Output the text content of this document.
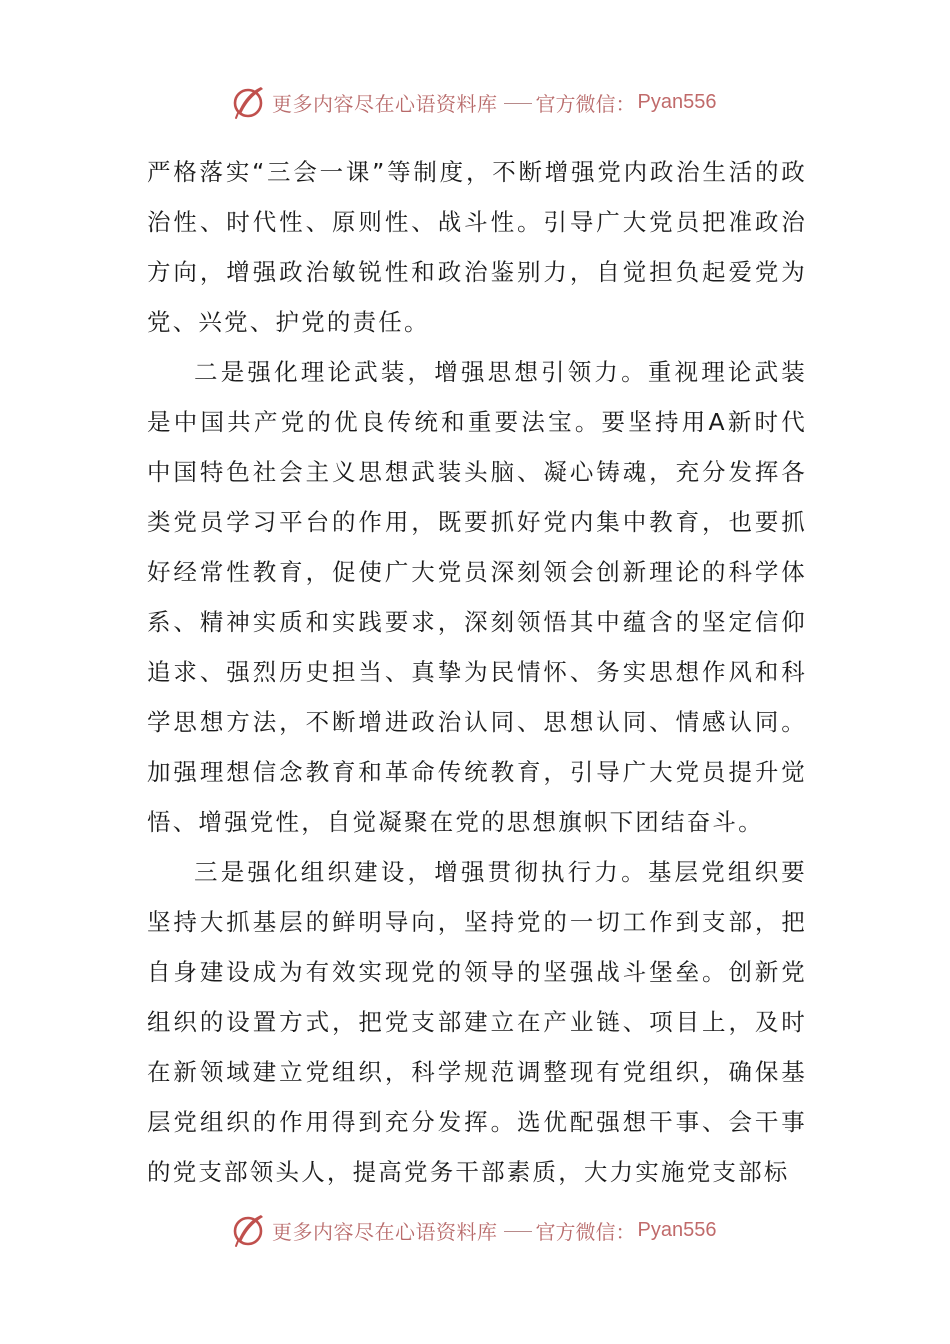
更多内容尽在心语资料库 官方微信： Pyan556

严格落实“三会一课”等制度，不断增强党内政治生活的政治性、时代性、原则性、战斗性。引导广大党员把准政治方向，增强政治敏锐性和政治鉴别力，自觉担负起爱党为党、兴党、护党的责任。

二是强化理论武装，增强思想引领力。重视理论武装是中国共产党的优良传统和重要法宝。要坚持用A新时代中国特色社会主义思想武装头脑、凝心铸魂，充分发挥各类党员学习平台的作用，既要抓好党内集中教育，也要抓好经常性教育，促使广大党员深刻领会创新理论的科学体系、精神实质和实践要求，深刻领悟其中蕴含的坚定信仰追求、强烈历史担当、真挚为民情怀、务实思想作风和科学思想方法，不断增进政治认同、思想认同、情感认同。加强理想信念教育和革命传统教育，引导广大党员提升觉悟、增强党性，自觉凝聚在党的思想旗帜下团结奋斗。

三是强化组织建设，增强贯彻执行力。基层党组织要坚持大抓基层的鲜明导向，坚持党的一切工作到支部，把自身建设成为有效实现党的领导的坚强战斗堡垒。创新党组织的设置方式，把党支部建立在产业链、项目上，及时在新领域建立党组织，科学规范调整现有党组织，确保基层党组织的作用得到充分发挥。选优配强想干事、会干事的党支部领头人，提高党务干部素质，大力实施党支部标

更多内容尽在心语资料库 官方微信： Pyan556
